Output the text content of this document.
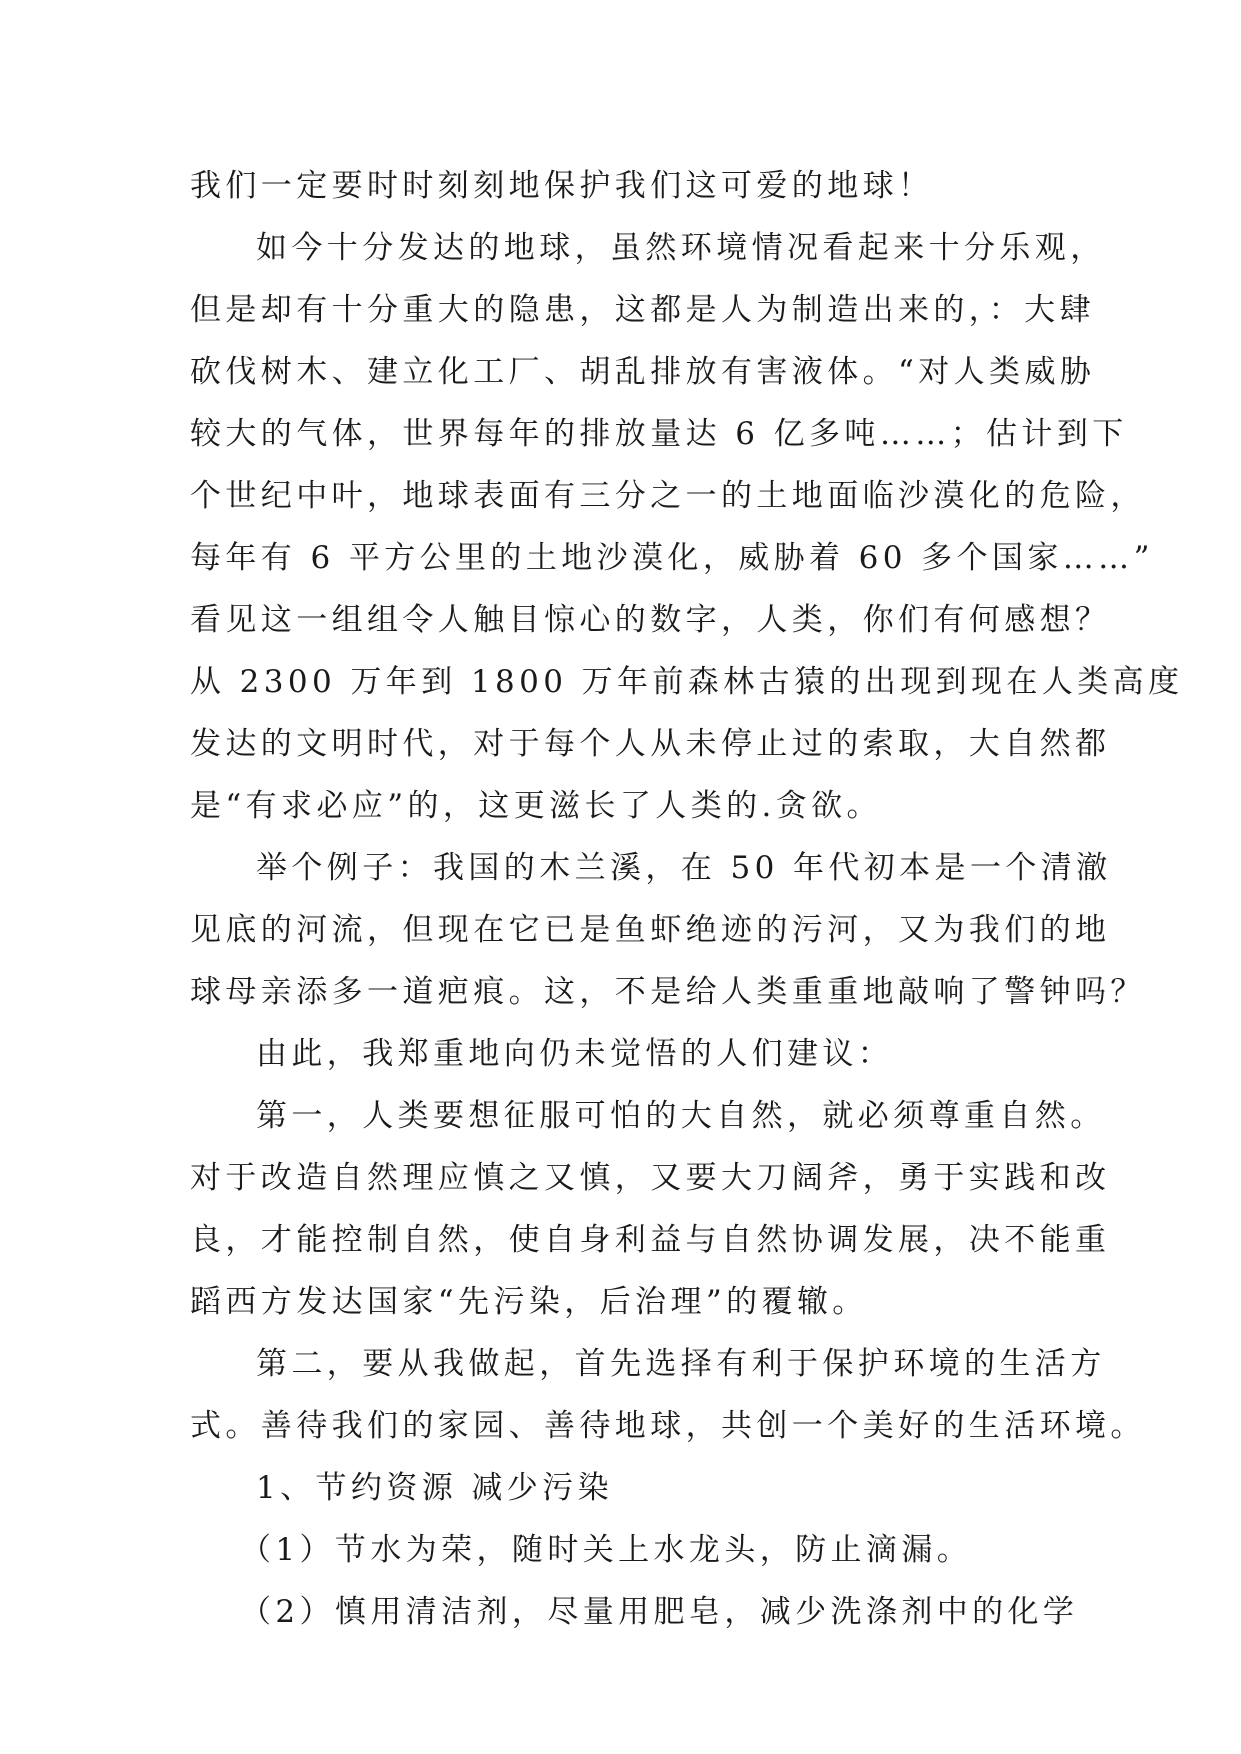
我们一定要时时刻刻地保护我们这可爱的地球！
如今十分发达的地球，虽然环境情况看起来十分乐观，
但是却有十分重大的隐患，这都是人为制造出来的，：大肆
砍伐树木、建立化工厂、胡乱排放有害液体。“对人类威胁
较大的气体，世界每年的排放量达 6 亿多吨……；估计到下
个世纪中叶，地球表面有三分之一的土地面临沙漠化的危险，
每年有 6 平方公里的土地沙漠化，威胁着 60 多个国家……”
看见这一组组令人触目惊心的数字，人类，你们有何感想？
从 2300 万年到 1800 万年前森林古猿的出现到现在人类高度
发达的文明时代，对于每个人从未停止过的索取，大自然都
是“有求必应”的，这更滋长了人类的.贪欲。
举个例子：我国的木兰溪，在 50 年代初本是一个清澈
见底的河流，但现在它已是鱼虾绝迹的污河，又为我们的地
球母亲添多一道疤痕。这，不是给人类重重地敲响了警钟吗？
由此，我郑重地向仍未觉悟的人们建议：
第一，人类要想征服可怕的大自然，就必须尊重自然。
对于改造自然理应慎之又慎，又要大刀阔斧，勇于实践和改
良，才能控制自然，使自身利益与自然协调发展，决不能重
蹈西方发达国家“先污染，后治理”的覆辙。
第二，要从我做起，首先选择有利于保护环境的生活方
式。善待我们的家园、善待地球，共创一个美好的生活环境。
1、节约资源 减少污染
（1）节水为荣，随时关上水龙头，防止滴漏。
（2）慎用清洁剂，尽量用肥皂，减少洗涤剂中的化学
